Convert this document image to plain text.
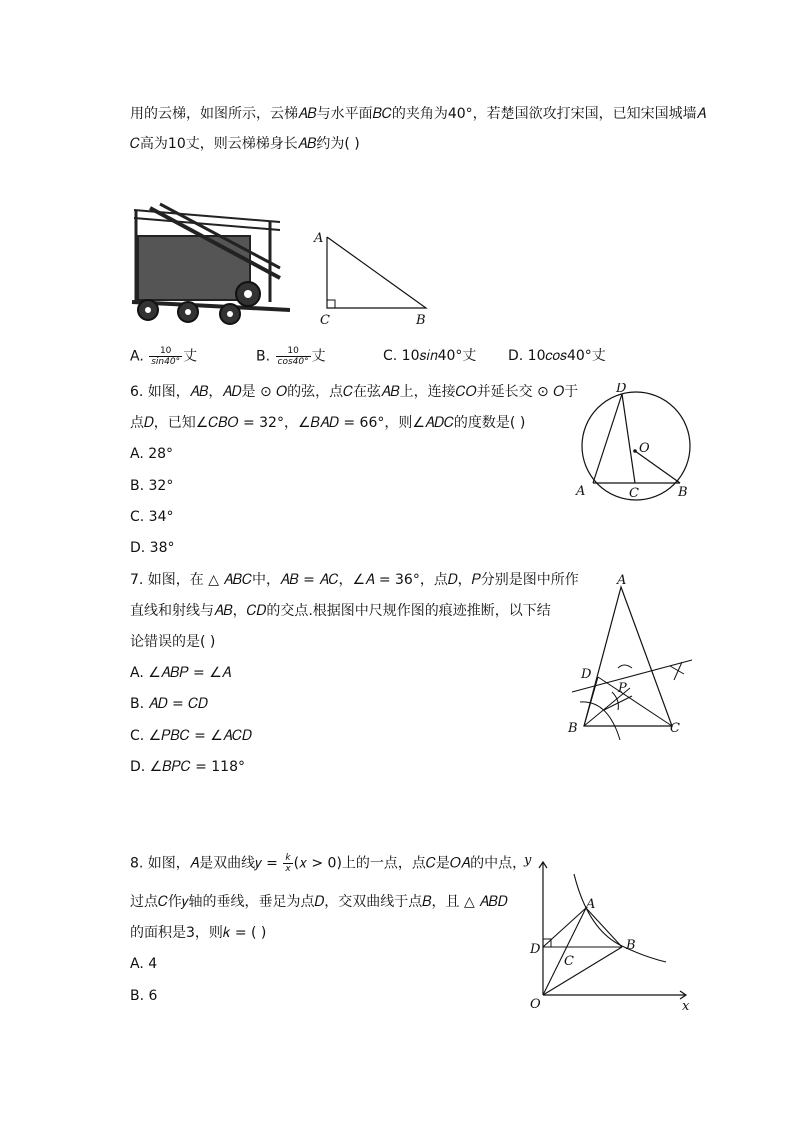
用的云梯，如图所示，云梯𝐴𝐵与水平面𝐵𝐶的夹角为40°，若楚国欲攻打宋国，已知宋国城墙𝐴
𝐶高为10丈，则云梯梯身长𝐴𝐵约为( )
A
C	B
A. $\frac{10}{\sin 40^\circ}$ 丈	B. $\frac{10}{\cos 40^\circ}$ 丈	C. 10𝑠𝑖𝑛40°丈 D. 10𝑐𝑜𝑠40°丈
6. 如图，𝐴𝐵，𝐴𝐷是 ⊙ 𝑂的弦，点𝐶在弦𝐴𝐵上，连接𝐶𝑂并延长交 ⊙ 𝑂于
点𝐷，已知∠𝐶𝐵𝑂 = 32°，∠𝐵𝐴𝐷 = 66°，则∠𝐴𝐷𝐶的度数是( )
A. 28°
B. 32°
C. 34°
D. 38°
D
O
A	C	B
7. 如图，在 △ 𝐴𝐵𝐶中，𝐴𝐵 = 𝐴𝐶，∠𝐴 = 36°，点𝐷，𝑃分别是图中所作
直线和射线与𝐴𝐵，𝐶𝐷的交点.根据图中尺规作图的痕迹推断，以下结
论错误的是( )
A. ∠𝐴𝐵𝑃 = ∠𝐴
B. 𝐴𝐷 = 𝐶𝐷
C. ∠𝑃𝐵𝐶 = ∠𝐴𝐶𝐷
D. ∠𝐵𝑃𝐶 = 118°
A
D
P
B	C
8. 如图，𝐴是双曲线𝑦 = $\frac{k}{x}$ (𝑥 > 0)上的一点，点𝐶是𝑂𝐴的中点，
过点𝐶作𝑦轴的垂线，垂足为点𝐷，交双曲线于点𝐵，且 △ 𝐴𝐵𝐷
的面积是3，则𝑘 = ( )
A. 4
B. 6
y
x
O
A
B
C
D
